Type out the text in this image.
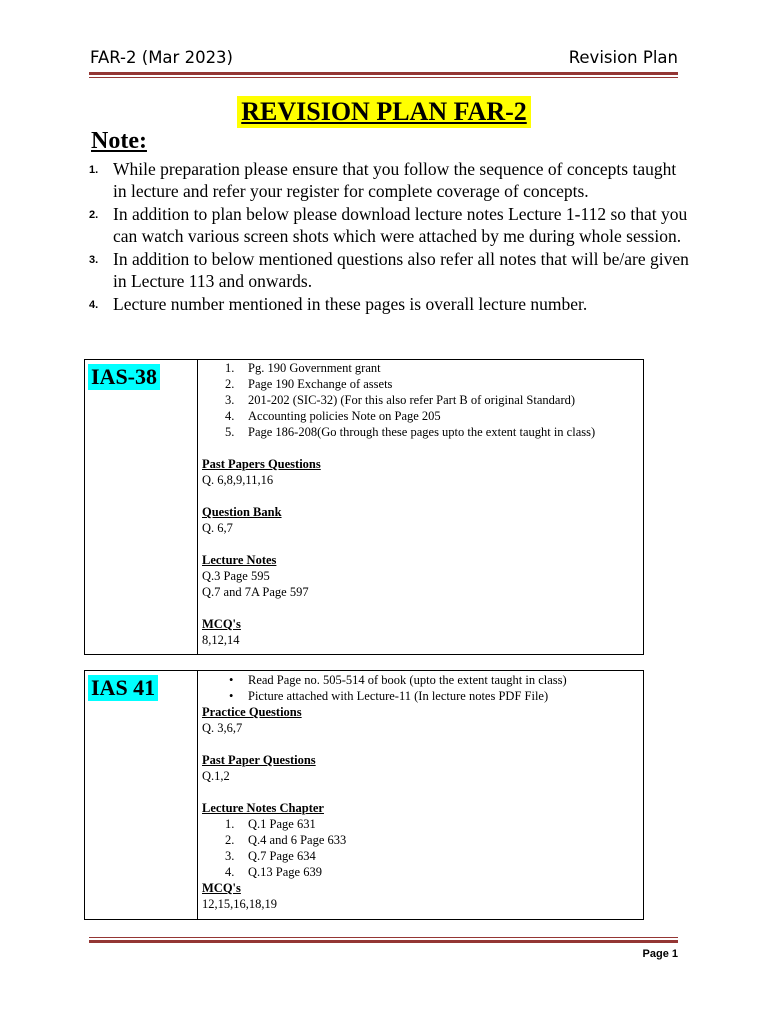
FAR-2 (Mar 2023)	Revision Plan
REVISION PLAN FAR-2
Note:
1. While preparation please ensure that you follow the sequence of concepts taught in lecture and refer your register for complete coverage of concepts.
2. In addition to plan below please download lecture notes Lecture 1-112 so that you can watch various screen shots which were attached by me during whole session.
3. In addition to below mentioned questions also refer all notes that will be/are given in Lecture 113 and onwards.
4. Lecture number mentioned in these pages is overall lecture number.
IAS-38	1. Pg. 190 Government grant
2. Page 190 Exchange of assets
3. 201-202 (SIC-32) (For this also refer Part B of original Standard)
4. Accounting policies Note on Page 205
5. Page 186-208(Go through these pages upto the extent taught in class)
Past Papers Questions
Q. 6,8,9,11,16
Question Bank
Q. 6,7
Lecture Notes
Q.3 Page 595
Q.7 and 7A Page 597
MCQ's
8,12,14
IAS 41	• Read Page no. 505-514 of book (upto the extent taught in class)
• Picture attached with Lecture-11 (In lecture notes PDF File)
Practice Questions
Q. 3,6,7
Past Paper Questions
Q.1,2
Lecture Notes Chapter
1. Q.1 Page 631
2. Q.4 and 6 Page 633
3. Q.7 Page 634
4. Q.13 Page 639
MCQ's
12,15,16,18,19
Page 1
